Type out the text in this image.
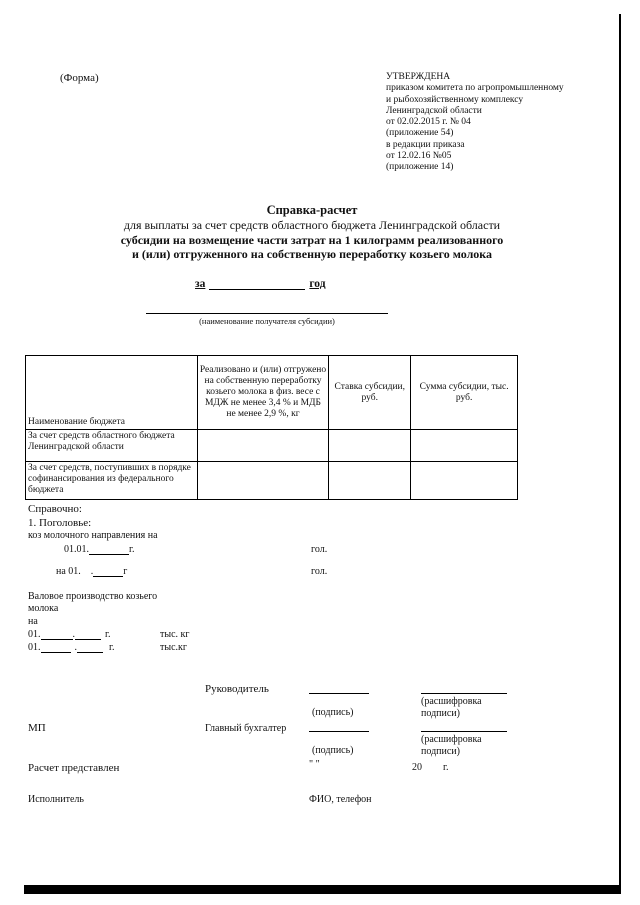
(Форма)	УТВЕРЖДЕНА
приказом комитета по агропромышленному
и рыбохозяйственному комплексу
Ленинградской области
от 02.02.2015 г. № 04
(приложение 54)
в редакции приказа
от 12.02.16 №05
(приложение 14)
Справка-расчет
для выплаты за счет средств областного бюджета Ленинградской области
субсидии на возмещение части затрат на 1 килограмм реализованного
и (или) отгруженного на собственную переработку козьего молока
за	год
(наименование получателя субсидии)
Наименование бюджета	Реализовано и (или) отгружено на собственную переработку козьего молока в физ. весе с МДЖ не менее 3,4 % и МДБ не менее 2,9 %, кг	Ставка субсидии, руб.	Сумма субсидии, тыс. руб.
За счет средств областного бюджета Ленинградской области			
За счет средств, поступивших в порядке софинансирования из федерального бюджета			
Справочно:
1. Поголовье:
коз молочного направления на
01.01.	г.	гол.
на 01. .	г	гол.
Валовое производство козьего
молока
на
01.	.	г.	тыс. кг
01.	.	г.	тыс.кг
Руководитель
(подпись)
(расшифровка
подписи)
МП	Главный бухгалтер
(подпись)
(расшифровка
подписи)
Расчет представлен	" "	20 г.
Исполнитель	ФИО, телефон
